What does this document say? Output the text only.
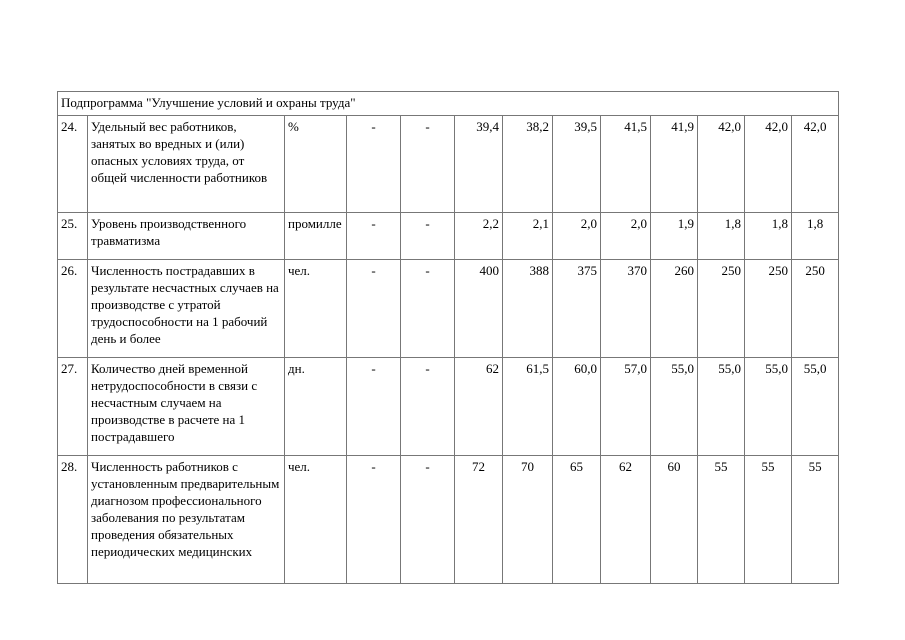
Подпрограмма "Улучшение условий и охраны труда"												
24.	Удельный вес работников, занятых во вредных и (или) опасных условиях труда, от общей численности работников	%	-	-	39,4	38,2	39,5	41,5	41,9	42,0	42,0	42,0
25.	Уровень производственного травматизма	промилле	-	-	2,2	2,1	2,0	2,0	1,9	1,8	1,8	1,8
26.	Численность пострадавших в результате несчастных случаев на производстве с утратой трудоспособности на 1 рабочий день и более	чел.	-	-	400	388	375	370	260	250	250	250
27.	Количество дней временной нетрудоспособности в связи с несчастным случаем на производстве в расчете на 1 пострадавшего	дн.	-	-	62	61,5	60,0	57,0	55,0	55,0	55,0	55,0
28.	Численность работников с установленным предварительным диагнозом профессионального заболевания по результатам проведения обязательных периодических медицинских	чел.	-	-	72	70	65	62	60	55	55	55
